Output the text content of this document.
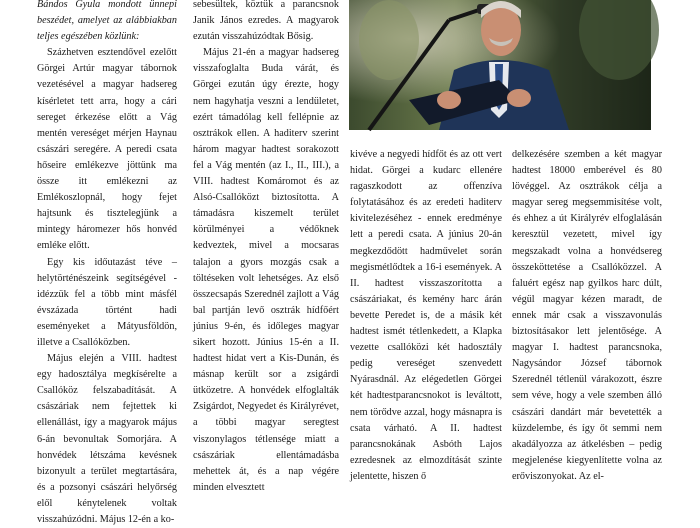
Bándos Gyula mondott ünnepi beszédet, amelyet az alábbiakban teljes egészében közlünk:

Százhetven esztendővel ezelőtt Görgei Artúr magyar tábornok vezetésével a magyar hadsereg kísérletet tett arra, hogy a cári sereget érkezése előtt a Vág mentén vereséget mérjen Haynau császári seregére. A peredi csata hőseire emlékezve jöttünk ma össze itt emlékezni az Emlékoszlopnál, hogy fejet hajtsunk és tisztelegjünk a mintegy háromezer hős honvéd emléke előtt.

Egy kis időutazást téve – helytörténészeink segítségével - idézzük fel a több mint másfél évszázada történt hadi eseményeket a Mátyusföldön, illetve a Csallóközben.

Május elején a VIII. hadtest egy hadosztálya megkísérelte a Csallóköz felszabadítását. A császáriak nem fejtettek ki ellenállást, így a magyarok május 6-án bevonultak Somorjára. A honvédek létszáma kevésnek bizonyult a terület megtartására, és a pozsonyi császári helyőrség elől kénytelenek voltak visszahúzódni. Május 12-én a ko-

sebesültek, köztük a parancsnok Janik János ezredes. A magyarok ezután visszahúzódtak Bősig.

Május 21-én a magyar hadsereg visszafoglalta Buda várát, és Görgei ezután úgy érezte, hogy nem hagyhatja veszni a lendületet, ezért támadólag kell fellépnie az osztrákok ellen. A haditerv szerint három magyar hadtest sorakozott fel a Vág mentén (az I., II., III.), a VIII. hadtest Komáromot és az Alsó-Csallóközt biztosította. A támadásra kiszemelt terület körülményei a védőknek kedveztek, mivel a mocsaras talajon a gyors mozgás csak a töltéseken volt lehetséges. Az első összecsapás Szerednél zajlott a Vág bal partján levő osztrák hídfőért június 9-én, és időleges magyar sikert hozott. Június 15-én a II. hadtest hidat vert a Kis-Dunán, és másnap került sor a zsigárdi ütközetre. A honvédek elfoglalták Zsigárdot, Negyedet és Királyrévet, a többi magyar seregtest viszonylagos tétlensége miatt a császáriak ellentámadásba mehettek át, és a nap végére minden elvesztett

kivéve a negyedi hídfőt és az ott vert hidat. Görgei a kudarc ellenére ragaszkodott az offenzíva folytatásához és az eredeti haditerv kivitelezéséhez - ennek eredménye lett a peredi csata. A június 20-án megkezdődött hadművelet során megismétlődtek a 16-i események. A II. hadtest visszaszorította a császáriakat, és kemény harc árán bevette Peredet is, de a másik két hadtest ismét tétlenkedett, a Klapka vezette csallóközi két hadosztály pedig vereséget szenvedett Nyárasdnál. Az elégedetlen Görgei két hadtestparancsnokot is leváltott, nem törődve azzal, hogy másnapra is csata várható. A II. hadtest parancsnokának Asbóth Lajos ezredesnek az elmozdítását szinte jelentette, hiszen ő

delkezésére szemben a két magyar hadtest 18000 emberével és 80 lövéggel. Az osztrákok célja a magyar sereg megsemmisítése volt, és ehhez a út Királyrév elfoglalásán keresztül vezetett, mivel így megszakadt volna a honvédsereg összeköttetése a Csallóközzel. A faluért egész nap gyilkos harc dúlt, végül magyar kézen maradt, de ennek már csak a visszavonulás biztosításakor lett jelentősége. A magyar I. hadtest parancsnoka, Nagysándor József tábornok Szerednél tétlenül várakozott, észre sem véve, hogy a vele szemben álló császári dandárt már bevetették a küzdelembe, és így őt semmi nem akadályozza az átkelésben – pedig megjelenése kiegyenlítette volna az erőviszonyokat. Az el-
